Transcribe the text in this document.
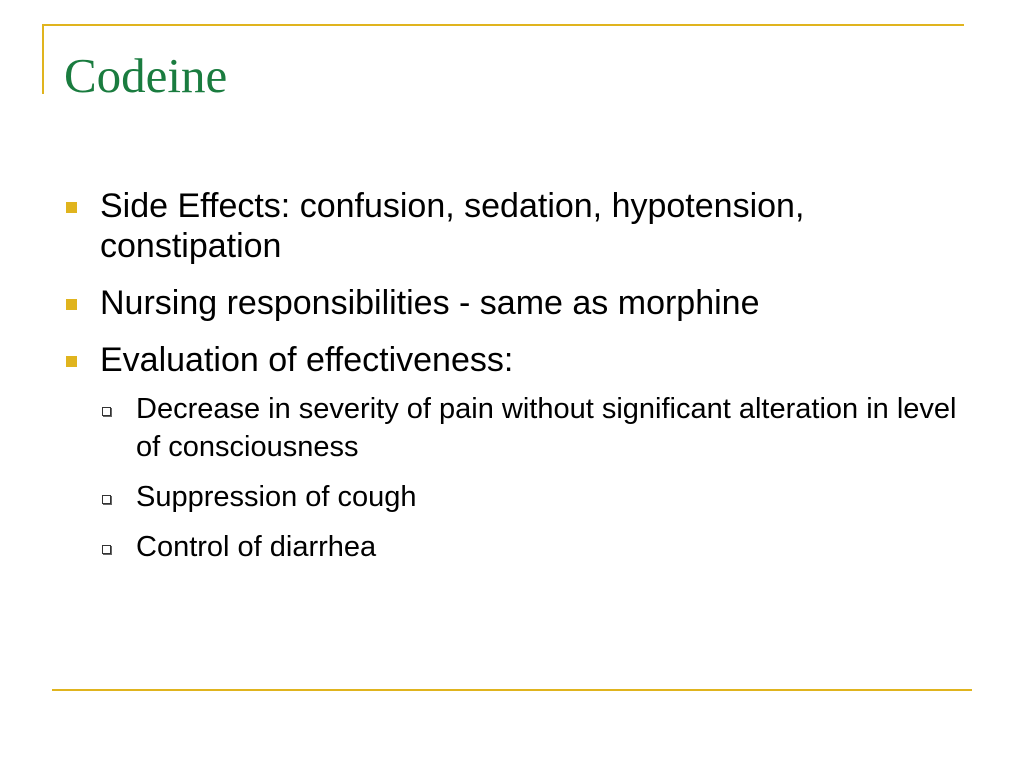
Codeine
Side Effects: confusion, sedation, hypotension, constipation
Nursing responsibilities - same as morphine
Evaluation of effectiveness:
Decrease in severity of pain without significant alteration in level of consciousness
Suppression of cough
Control of diarrhea
